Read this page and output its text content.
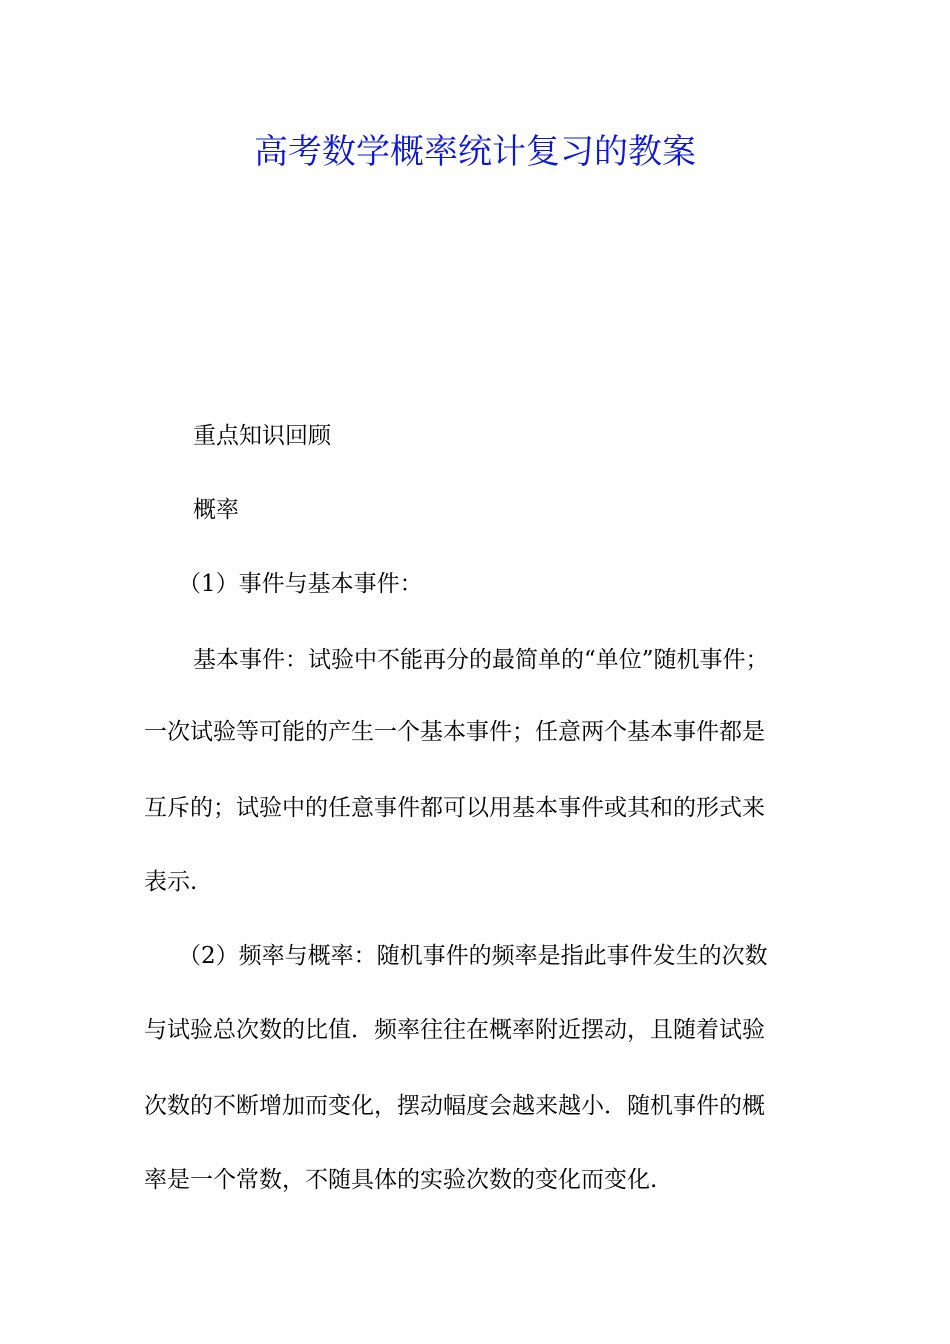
高考数学概率统计复习的教案

重点知识回顾

概率

（1）事件与基本事件：

基本事件：试验中不能再分的最简单的“单位”随机事件；

一次试验等可能的产生一个基本事件；任意两个基本事件都是

互斥的；试验中的任意事件都可以用基本事件或其和的形式来

表示.

（2）频率与概率：随机事件的频率是指此事件发生的次数

与试验总次数的比值．频率往往在概率附近摆动，且随着试验

次数的不断增加而变化，摆动幅度会越来越小．随机事件的概

率是一个常数，不随具体的实验次数的变化而变化.
